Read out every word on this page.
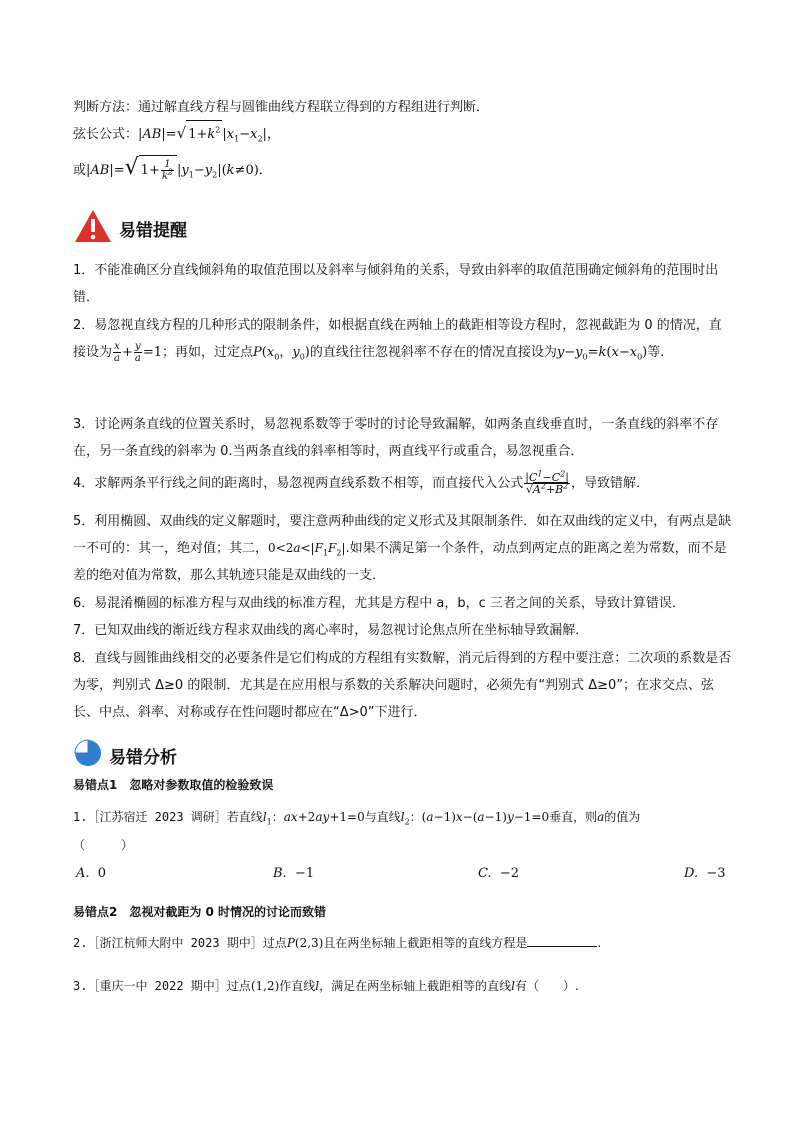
判断方法：通过解直线方程与圆锥曲线方程联立得到的方程组进行判断．
弦长公式：|AB|=√ $1+k^2$ $|x_1-x_2|$，
或|AB|=√ $1+ \frac{1}{k^2} |y_1-y_2|(k\ne 0)$．
易错提醒
1．不能准确区分直线倾斜角的取值范围以及斜率与倾斜角的关系，导致由斜率的取值范围确定倾斜角的范围时出错．
2．易忽视直线方程的几种形式的限制条件，如根据直线在两轴上的截距相等设方程时，忽视截距为 0 的情况，直接设为 $\frac{x}{a} + \frac{y}{a} =1$；再如，过定点$P(x_0$，$y_0$)的直线往往忽视斜率不存在的情况直接设为$y-y_0=k(x-x_0)$等．
3．讨论两条直线的位置关系时，易忽视系数等于零时的讨论导致漏解，如两条直线垂直时，一条直线的斜率不存在，另一条直线的斜率为 0.当两条直线的斜率相等时，两直线平行或重合，易忽视重合．
4．求解两条平行线之间的距离时，易忽视两直线系数不相等，而直接代入公式 $\frac{|C^1-C^2|}{√A^2+B^2}$ ，导致错解．
5．利用椭圆、双曲线的定义解题时，要注意两种曲线的定义形式及其限制条件．如在双曲线的定义中，有两点是缺一不可的：其一，绝对值；其二，$0<2a<|F_1F_2|$.如果不满足第一个条件，动点到两定点的距离之差为常数，而不是差的绝对值为常数，那么其轨迹只能是双曲线的一支．
6．易混淆椭圆的标准方程与双曲线的标准方程，尤其是方程中 a，b，c 三者之间的关系，导致计算错误．
7．已知双曲线的渐近线方程求双曲线的离心率时，易忽视讨论焦点所在坐标轴导致漏解．
8．直线与圆锥曲线相交的必要条件是它们构成的方程组有实数解，消元后得到的方程中要注意：二次项的系数是否为零，判别式 Δ≥0 的限制．尤其是在应用根与系数的关系解决问题时，必须先有“判别式 Δ≥0”；在求交点、弦长、中点、斜率、对称或存在性问题时都应在“Δ>0”下进行．
易错分析
易错点1　忽略对参数取值的检验致误
1.［江苏宿迁 2023 调研］若直线$l_1$：ax+2ay+1=0与直线$l_2$：(a−1)x−(a−1)y−1=0垂直，则a的值为
（　　　）
A. 0	B. −1	C. −2	D. −3
易错点2　忽视对截距为 0 时情况的讨论而致错
2.［浙江杭师大附中 2023 期中］过点P(2,3)且在两坐标轴上截距相等的直线方程是	.
3.［重庆一中 2022 期中］过点(1,2)作直线l，满足在两坐标轴上截距相等的直线l有（　　）.
